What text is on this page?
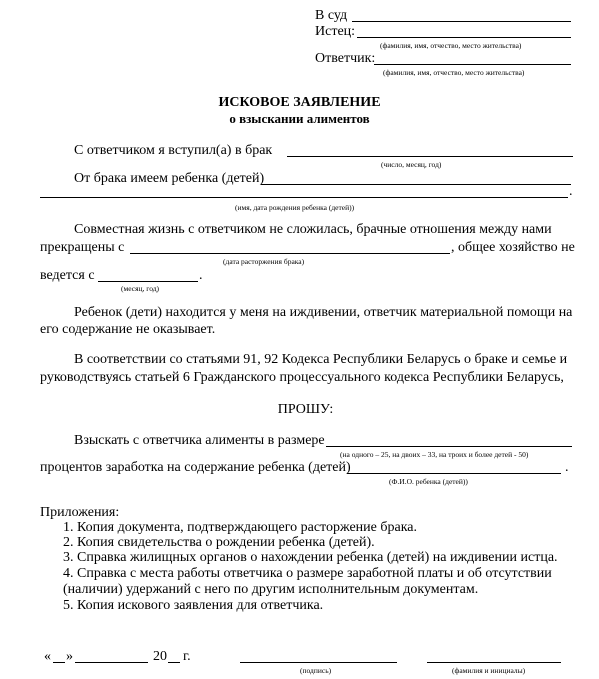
В суд
Истец:
(фамилия, имя, отчество, место жительства)
Ответчик:
(фамилия, имя, отчество, место жительства)
ИСКОВОЕ ЗАЯВЛЕНИЕ
о взыскании алиментов
С ответчиком я вступил(а) в брак
(число, месяц, год)
От брака имеем ребенка (детей)
.
(имя, дата рождения ребенка (детей))
Совместная жизнь с ответчиком не сложилась, брачные отношения между нами
прекращены с	, общее хозяйство не
(дата расторжения брака)
ведется с	.
(месяц, год)
Ребенок (дети) находится у меня на иждивении, ответчик материальной помощи на
его содержание не оказывает.
В соответствии со статьями 91, 92 Кодекса Республики Беларусь о браке и семье и
руководствуясь статьей 6 Гражданского процессуального кодекса Республики Беларусь,
ПРОШУ:
Взыскать с ответчика алименты в размере
(на одного – 25, на двоих – 33, на троих и более детей - 50)
процентов заработка на содержание ребенка (детей)	.
(Ф.И.О. ребенка (детей))
Приложения:
1. Копия документа, подтверждающего расторжение брака.
2. Копия свидетельства о рождении ребенка (детей).
3. Справка жилищных органов о нахождении ребенка (детей) на иждивении истца.
4. Справка с места работы ответчика о размере заработной платы и об отсутствии
(наличии) удержаний с него по другим исполнительным документам.
5. Копия искового заявления для ответчика.
« »	20 г.
(подпись)	(фамилия и инициалы)
